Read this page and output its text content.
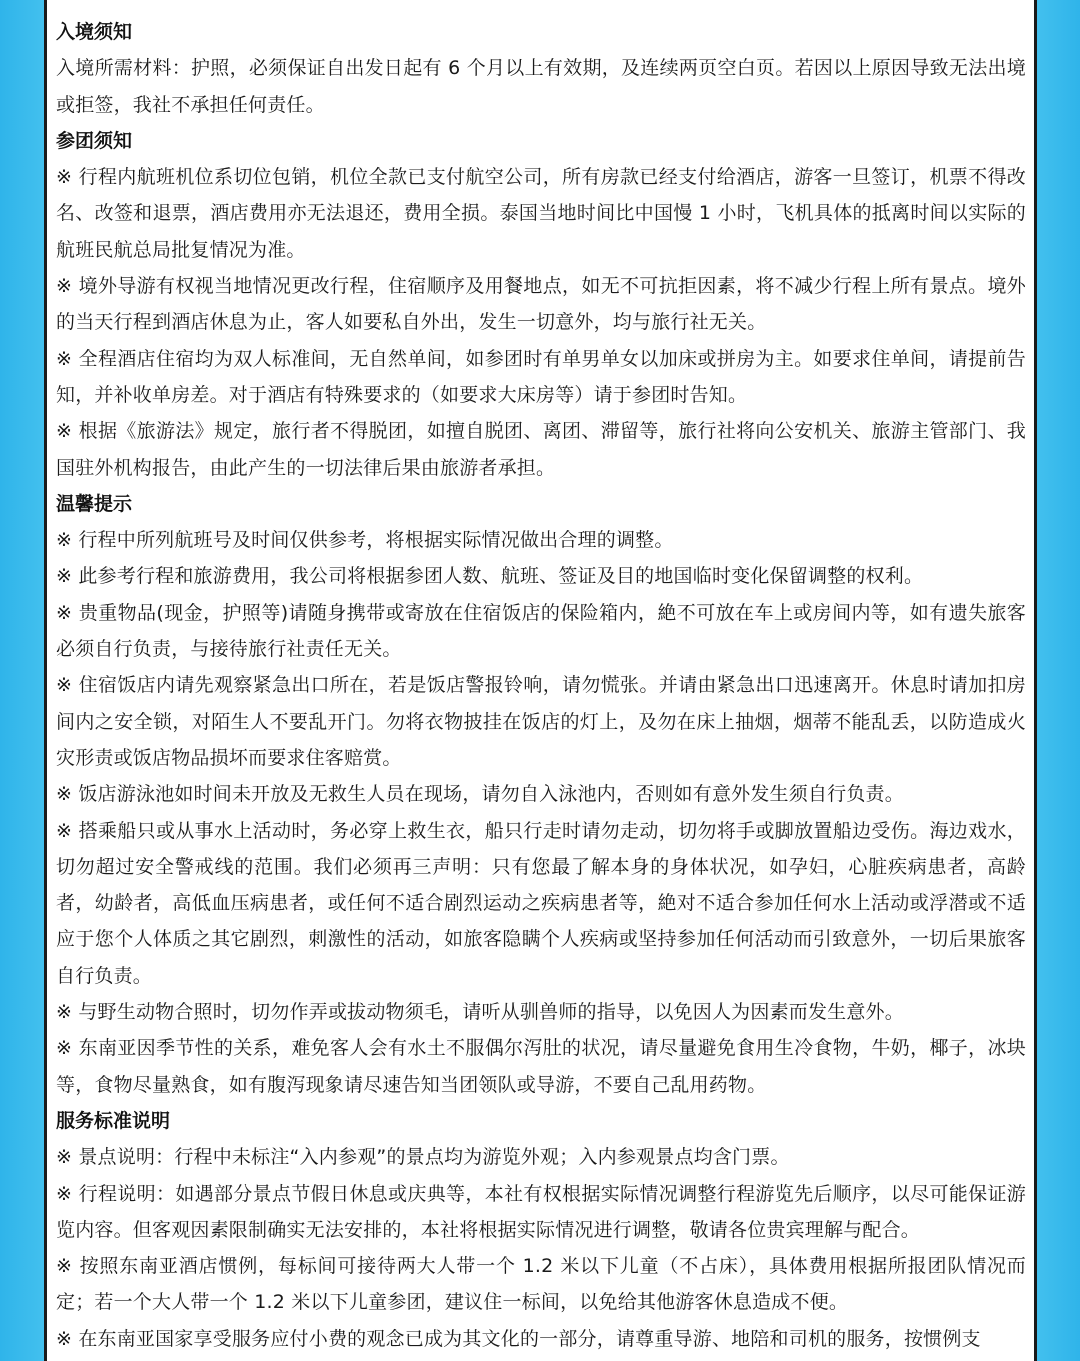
入境须知
入境所需材料：护照，必须保证自出发日起有 6 个月以上有效期，及连续两页空白页。若因以上原因导致无法出境或拒签，我社不承担任何责任。
参团须知
※ 行程内航班机位系切位包销，机位全款已支付航空公司，所有房款已经支付给酒店，游客一旦签订，机票不得改名、改签和退票，酒店费用亦无法退还，费用全损。泰国当地时间比中国慢 1 小时，飞机具体的抵离时间以实际的航班民航总局批复情况为准。
※ 境外导游有权视当地情况更改行程，住宿顺序及用餐地点，如无不可抗拒因素，将不减少行程上所有景点。境外的当天行程到酒店休息为止，客人如要私自外出，发生一切意外，均与旅行社无关。
※ 全程酒店住宿均为双人标准间，无自然单间，如参团时有单男单女以加床或拼房为主。如要求住单间，请提前告知，并补收单房差。对于酒店有特殊要求的（如要求大床房等）请于参团时告知。
※ 根据《旅游法》规定，旅行者不得脱团，如擅自脱团、离团、滞留等，旅行社将向公安机关、旅游主管部门、我国驻外机构报告，由此产生的一切法律后果由旅游者承担。
温馨提示
※ 行程中所列航班号及时间仅供参考，将根据实际情况做出合理的调整。
※ 此参考行程和旅游费用，我公司将根据参团人数、航班、签证及目的地国临时变化保留调整的权利。
※ 贵重物品(现金，护照等)请随身携带或寄放在住宿饭店的保险箱内，絶不可放在车上或房间内等，如有遗失旅客必须自行负责，与接待旅行社责任无关。
※ 住宿饭店内请先观察紧急出口所在，若是饭店警报铃响，请勿慌张。并请由紧急出口迅速离开。休息时请加扣房间内之安全锁，对陌生人不要乱开门。勿将衣物披挂在饭店的灯上，及勿在床上抽烟，烟蒂不能乱丢，以防造成火灾形责或饭店物品损坏而要求住客赔赏。
※ 饭店游泳池如时间未开放及无救生人员在现场，请勿自入泳池内，否则如有意外发生须自行负责。
※ 搭乘船只或从事水上活动时，务必穿上救生衣，船只行走时请勿走动，切勿将手或脚放置船边受伤。海边戏水，切勿超过安全警戒线的范围。我们必须再三声明：只有您最了解本身的身体状况，如孕妇，心脏疾病患者，高龄者，幼龄者，高低血压病患者，或任何不适合剧烈运动之疾病患者等，絶对不适合参加任何水上活动或浮潜或不适应于您个人体质之其它剧烈，刺激性的活动，如旅客隐瞒个人疾病或坚持参加任何活动而引致意外，一切后果旅客自行负责。
※ 与野生动物合照时，切勿作弄或拔动物须毛，请听从驯兽师的指导，以免因人为因素而发生意外。
※ 东南亚因季节性的关系，难免客人会有水土不服偶尔泻肚的状况，请尽量避免食用生冷食物，牛奶，椰子，冰块等，食物尽量熟食，如有腹泻现象请尽速告知当团领队或导游，不要自己乱用药物。
服务标准说明
※ 景点说明：行程中未标注“入内参观”的景点均为游览外观；入内参观景点均含门票。
※ 行程说明：如遇部分景点节假日休息或庆典等，本社有权根据实际情况调整行程游览先后顺序，以尽可能保证游览内容。但客观因素限制确实无法安排的，本社将根据实际情况进行调整，敬请各位贵宾理解与配合。
※ 按照东南亚酒店惯例，每标间可接待两大人带一个 1.2 米以下儿童（不占床），具体费用根据所报团队情况而定；若一个大人带一个 1.2 米以下儿童参团，建议住一标间，以免给其他游客休息造成不便。
※ 在东南亚国家享受服务应付小费的观念已成为其文化的一部分，请尊重导游、地陪和司机的服务，按惯例支
